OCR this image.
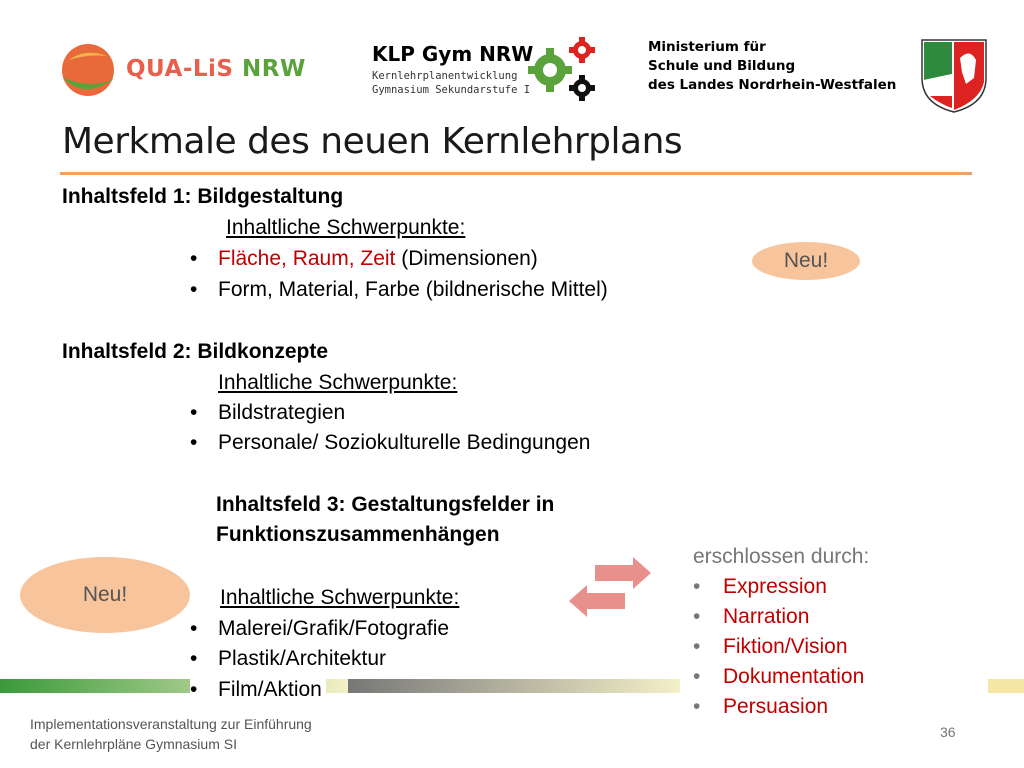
QUA-LiS NRW
KLP Gym NRW
Kernlehrplanentwicklung
Gymnasium Sekundarstufe I
Ministerium für
Schule und Bildung
des Landes Nordrhein-Westfalen
Merkmale des neuen Kernlehrplans
Inhaltsfeld 1: Bildgestaltung
Inhaltliche Schwerpunkte:
• Fläche, Raum, Zeit (Dimensionen)
• Form, Material, Farbe (bildnerische Mittel)
Neu!
Inhaltsfeld 2: Bildkonzepte
Inhaltliche Schwerpunkte:
• Bildstrategien
• Personale/ Soziokulturelle Bedingungen
Inhaltsfeld 3: Gestaltungsfelder in
Funktionszusammenhängen
Inhaltliche Schwerpunkte:
• Malerei/Grafik/Fotografie
• Plastik/Architektur
Neu!
erschlossen durch:
• Expression
• Narration
• Fiktion/Vision
• Dokumentation
• Persuasion
• Film/Aktion
Implementationsveranstaltung zur Einführung
der Kernlehrpläne Gymnasium SI
36
